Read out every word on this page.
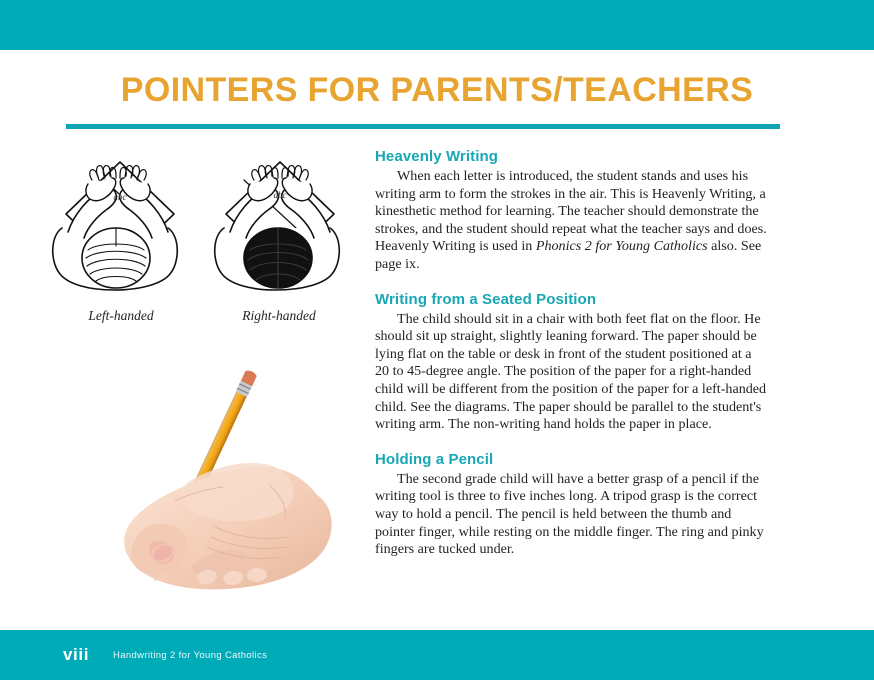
POINTERS FOR PARENTS/TEACHERS
abc	abc
Left-handed	Right-handed
Heavenly Writing

When each letter is introduced, the student stands and uses his writing arm to form the strokes in the air. This is Heavenly Writing, a kinesthetic method for learning. The teacher should demonstrate the strokes, and the student should repeat what the teacher says and does. Heavenly Writing is used in Phonics 2 for Young Catholics also. See page ix.

Writing from a Seated Position

The child should sit in a chair with both feet flat on the floor. He should sit up straight, slightly leaning forward. The paper should be lying flat on the table or desk in front of the student positioned at a 20 to 45-degree angle. The position of the paper for a right-handed child will be different from the position of the paper for a left-handed child. See the diagrams. The paper should be parallel to the student's writing arm. The non-writing hand holds the paper in place.

Holding a Pencil

The second grade child will have a better grasp of a pencil if the writing tool is three to five inches long. A tripod grasp is the correct way to hold a pencil. The pencil is held between the thumb and pointer finger, while resting on the middle finger. The ring and pinky fingers are tucked under.

viii	Handwriting 2 for Young Catholics
